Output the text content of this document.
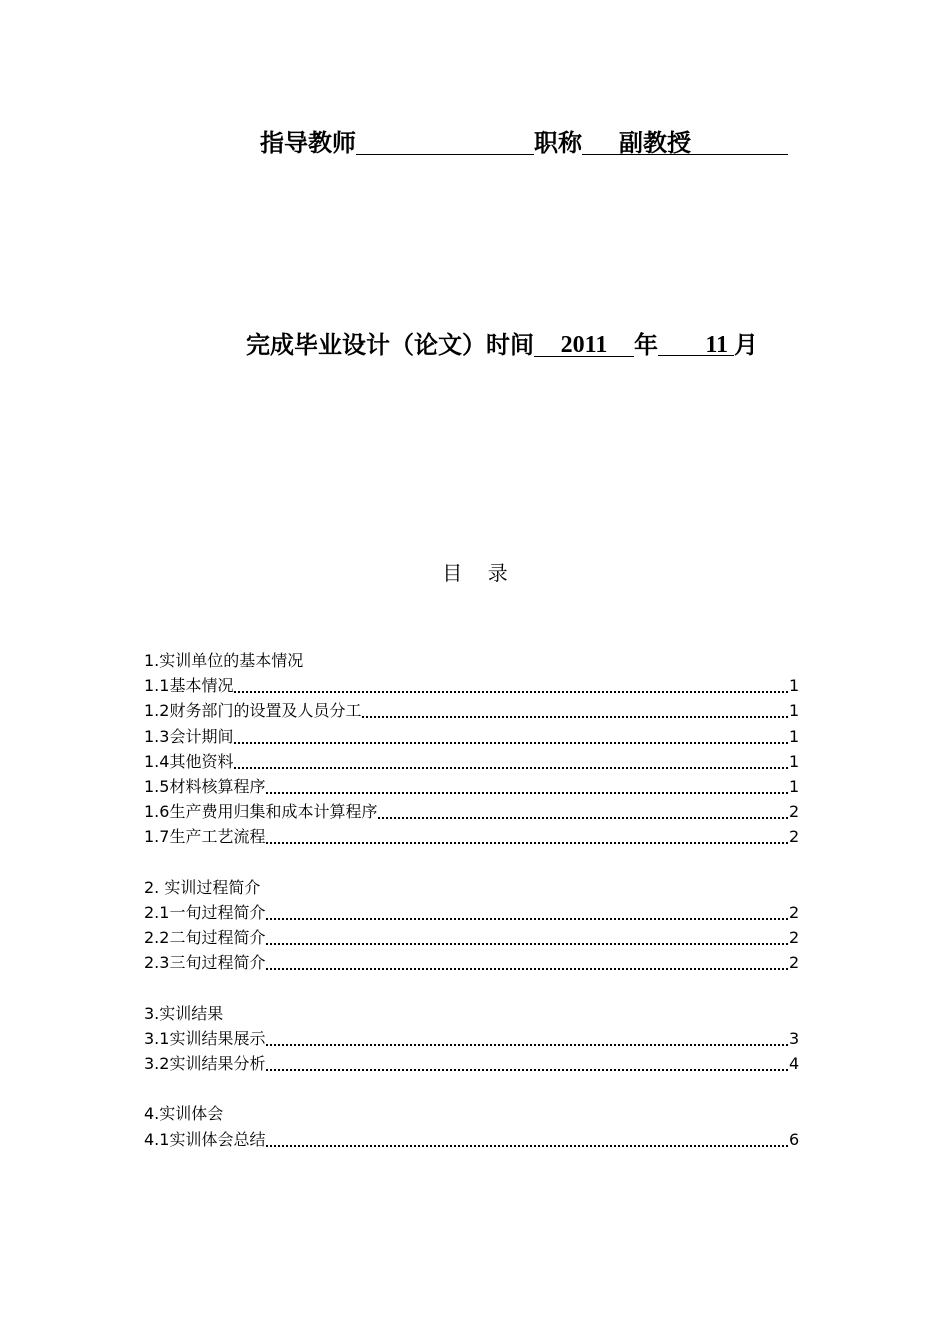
指导教师	职称 副教授
完成毕业设计（论文）时间 2011 年 11 月
目    录
1.实训单位的基本情况
1.1基本情况	1
1.2财务部门的设置及人员分工	1
1.3会计期间	1
1.4其他资料	1
1.5材料核算程序	1
1.6生产费用归集和成本计算程序	2
1.7生产工艺流程	2
2. 实训过程简介
2.1一旬过程简介	2
2.2二旬过程简介	2
2.3三旬过程简介	2
3.实训结果
3.1实训结果展示	3
3.2实训结果分析	4
4.实训体会
4.1实训体会总结	6
